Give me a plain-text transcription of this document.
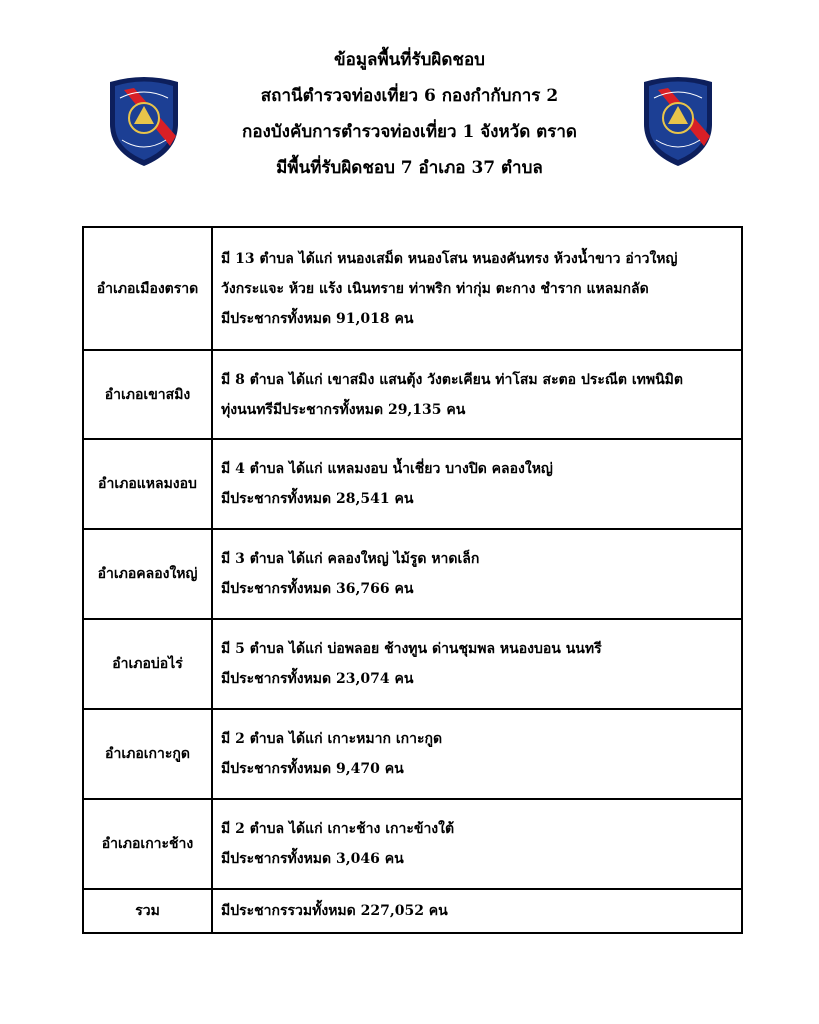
ข้อมูลพื้นที่รับผิดชอบ
สถานีตำรวจท่องเที่ยว 6 กองกำกับการ 2
กองบังคับการตำรวจท่องเที่ยว 1 จังหวัด ตราด
มีพื้นที่รับผิดชอบ 7 อำเภอ 37 ตำบล
อำเภอเมืองตราด	มี 13 ตำบล ได้แก่ หนองเสม็ด หนองโสน หนองคันทรง ห้วงน้ำขาว อ่าวใหญ่
วังกระแจะ ห้วย แร้ง เนินทราย ท่าพริก ท่ากุ่ม ตะกาง ชำราก แหลมกลัด
มีประชากรทั้งหมด 91,018 คน

อำเภอเขาสมิง	มี 8 ตำบล ได้แก่ เขาสมิง แสนตุ้ง วังตะเคียน ท่าโสม สะตอ ประณีต เทพนิมิต
ทุ่งนนทรีมีประชากรทั้งหมด 29,135 คน

อำเภอแหลมงอบ	มี 4 ตำบล ได้แก่ แหลมงอบ น้ำเชี่ยว บางปิด คลองใหญ่
มีประชากรทั้งหมด 28,541 คน

อำเภอคลองใหญ่	มี 3 ตำบล ได้แก่ คลองใหญ่ ไม้รูด หาดเล็ก
มีประชากรทั้งหมด 36,766 คน

อำเภอบ่อไร่	มี 5 ตำบล ได้แก่ บ่อพลอย ช้างทูน ด่านชุมพล หนองบอน นนทรี
มีประชากรทั้งหมด 23,074 คน

อำเภอเกาะกูด	มี 2 ตำบล ได้แก่ เกาะหมาก เกาะกูด
มีประชากรทั้งหมด 9,470 คน

อำเภอเกาะช้าง	มี 2 ตำบล ได้แก่ เกาะช้าง เกาะข้างใต้
มีประชากรทั้งหมด 3,046 คน

รวม	มีประชากรรวมทั้งหมด 227,052 คน
